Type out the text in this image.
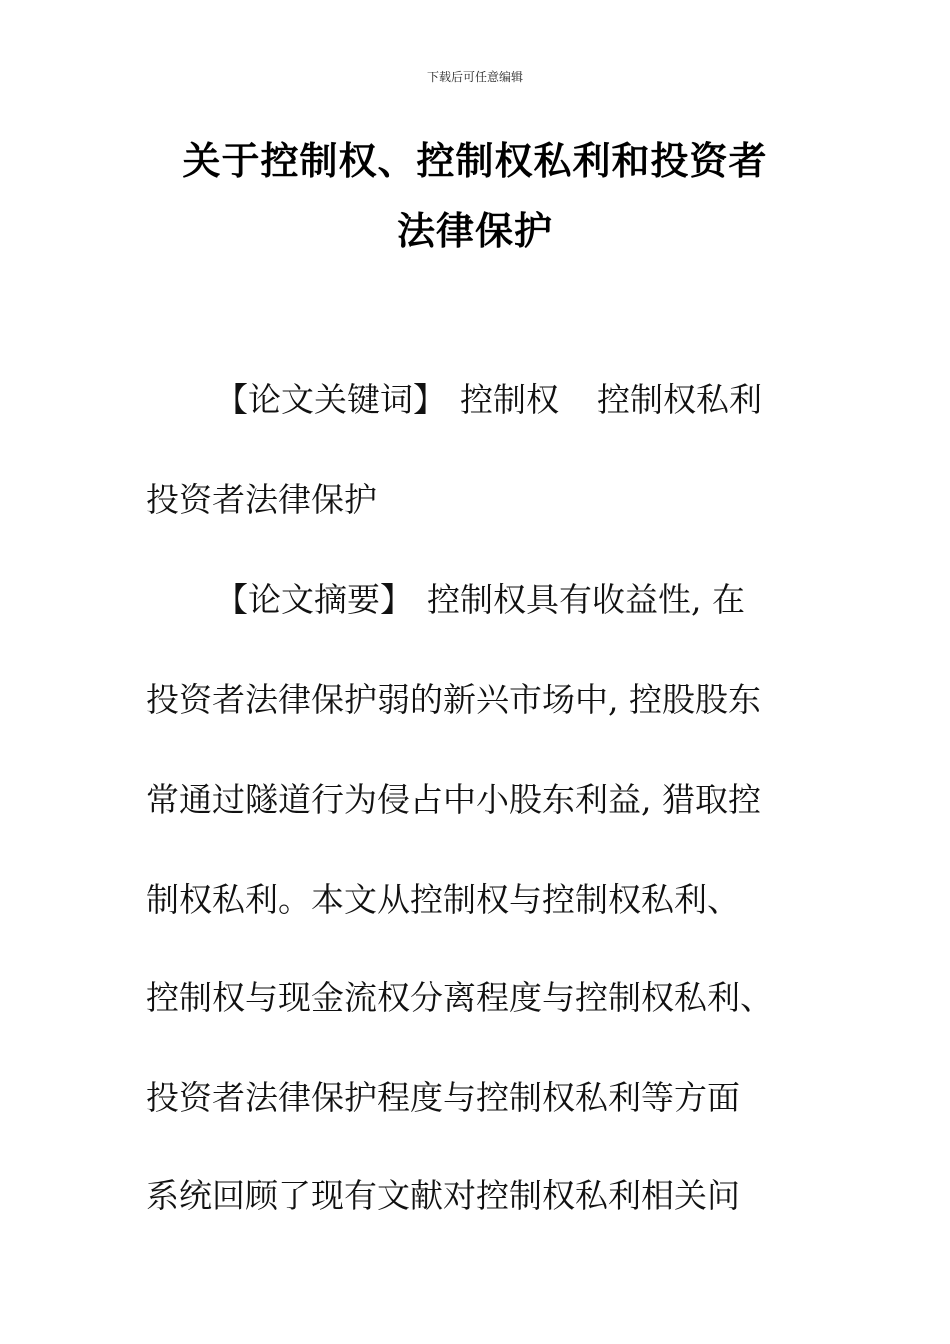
下载后可任意编辑
关于控制权、控制权私利和投资者
法律保护
【论文关键词】 控制权 控制权私利
投资者法律保护
【论文摘要】 控制权具有收益性, 在
投资者法律保护弱的新兴市场中, 控股股东
常通过隧道行为侵占中小股东利益, 猎取控
制权私利。本文从控制权与控制权私利、
控制权与现金流权分离程度与控制权私利、
投资者法律保护程度与控制权私利等方面
系统回顾了现有文献对控制权私利相关问
